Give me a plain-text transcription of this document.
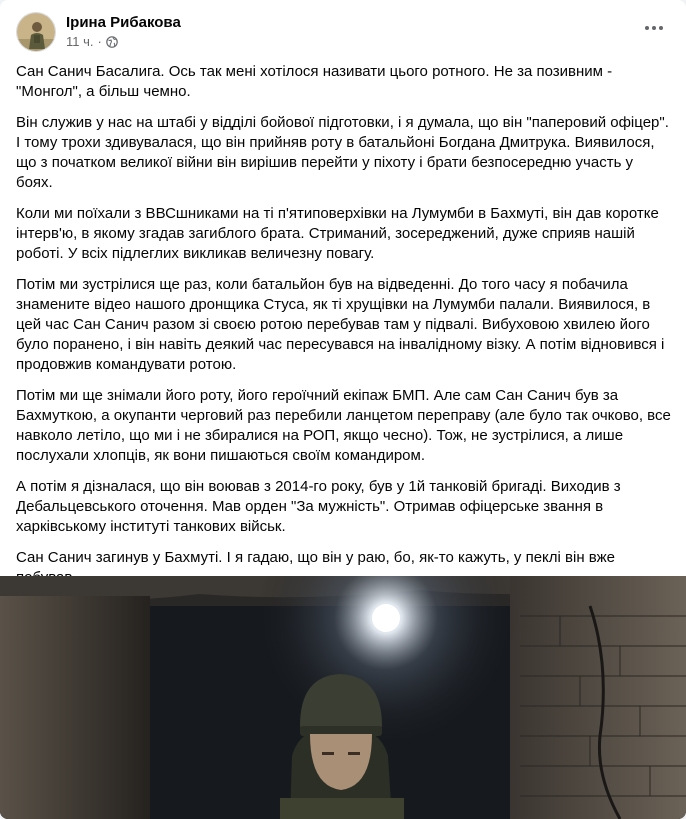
Ірина Рибакова
11 ч. ·

Сан Санич Басалига. Ось так мені хотілося називати цього ротного. Не за позивним - "Монгол", а більш чемно.

Він служив у нас на штабі у відділі бойової підготовки, і я думала, що він "паперовий офіцер". І тому трохи здивувалася, що він прийняв роту в батальйоні Богдана Дмитрука. Виявилося, що з початком великої війни він вирішив перейти у піхоту і брати безпосередню участь у боях.

Коли ми поїхали з ВВСшниками на ті п'ятиповерхівки на Лумумби в Бахмуті, він дав коротке інтерв'ю, в якому згадав загиблого брата. Стриманий, зосереджений, дуже сприяв нашій роботі. У всіх підлеглих викликав величезну повагу.

Потім ми зустрілися ще раз, коли батальйон був на відведенні. До того часу я побачила знамените відео нашого дронщика Стуса, як ті хрущівки на Лумумби палали. Виявилося, в цей час Сан Санич разом зі своєю ротою перебував там у підвалі. Вибуховою хвилею його було поранено, і він навіть деякий час пересувався на інвалідному візку. А потім відновився і продовжив командувати ротою.

Потім ми ще знімали його роту, його героїчний екіпаж БМП. Але сам Сан Санич був за Бахмуткою, а окупанти черговий раз перебили ланцетом переправу (але було так очково, все навколо летіло, що ми і не збиралися на РОП, якщо чесно). Тож, не зустрілися, а лише послухали хлопців, як вони пишаються своїм командиром.

А потім я дізналася, що він воював з 2014-го року, був у 1й танковій бригаді. Виходив з Дебальцевського оточення. Мав орден "За мужність". Отримав офіцерське звання в харківському інституті танкових військ.

Сан Санич загинув у Бахмуті. І я гадаю, що він у раю, бо, як-то кажуть, у пеклі він вже
